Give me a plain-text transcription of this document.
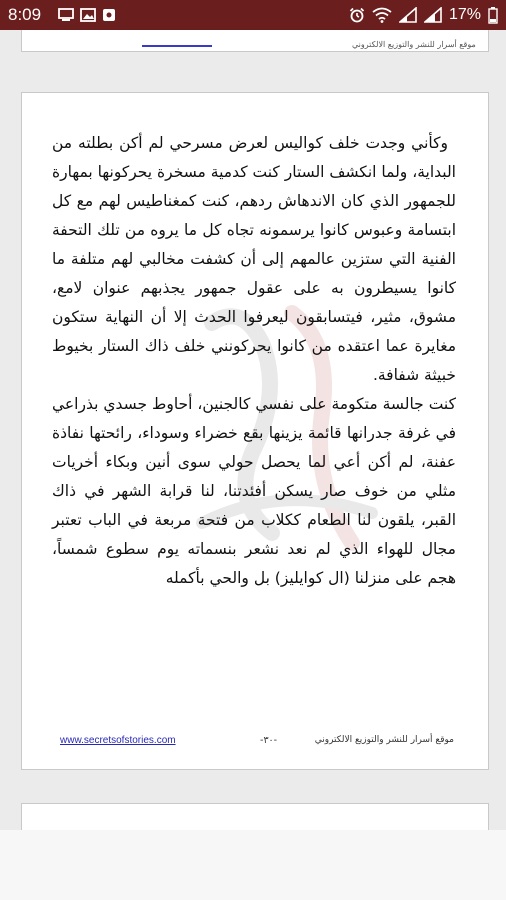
8:09	17%
موقع أسرار للنشر والتوزيع الالكتروني

وكأني وجدت خلف كواليس لعرض مسرحي لم أكن بطلته من البداية، ولما انكشف الستار كنت كدمية مسخرة يحركونها بمهارة للجمهور الذي كان الاندهاش ردهم، كنت كمغناطيس لهم مع كل ابتسامة وعبوس كانوا يرسمونه تجاه كل ما يروه من تلك التحفة الفنية التي ستزين عالمهم إلى أن كشفت مخالبي لهم متلفة ما كانوا يسيطرون به على عقول جمهور يجذبهم عنوان لامع، مشوق، مثير، فيتسابقون ليعرفوا الحدث إلا أن النهاية ستكون مغايرة عما اعتقده من كانوا يحركونني خلف ذاك الستار بخيوط خبيثة شفافة.

كنت جالسة متكومة على نفسي كالجنين، أحاوط جسدي بذراعي في غرفة جدرانها قائمة يزينها بقع خضراء وسوداء، رائحتها نفاذة عفنة، لم أكن أعي لما يحصل حولي سوى أنين وبكاء أخريات مثلي من خوف صار يسكن أفئدتنا، لنا قرابة الشهر في ذاك القبر، يلقون لنا الطعام ككلاب من فتحة مربعة في الباب تعتبر مجال للهواء الذي لم نعد نشعر بنسماته يوم سطوع شمساً، هجم على منزلنا (ال كوايليز) بل والحي بأكمله

www.secretsofstories.com	-٣٠-	موقع أسرار للنشر والتوزيع الالكتروني
